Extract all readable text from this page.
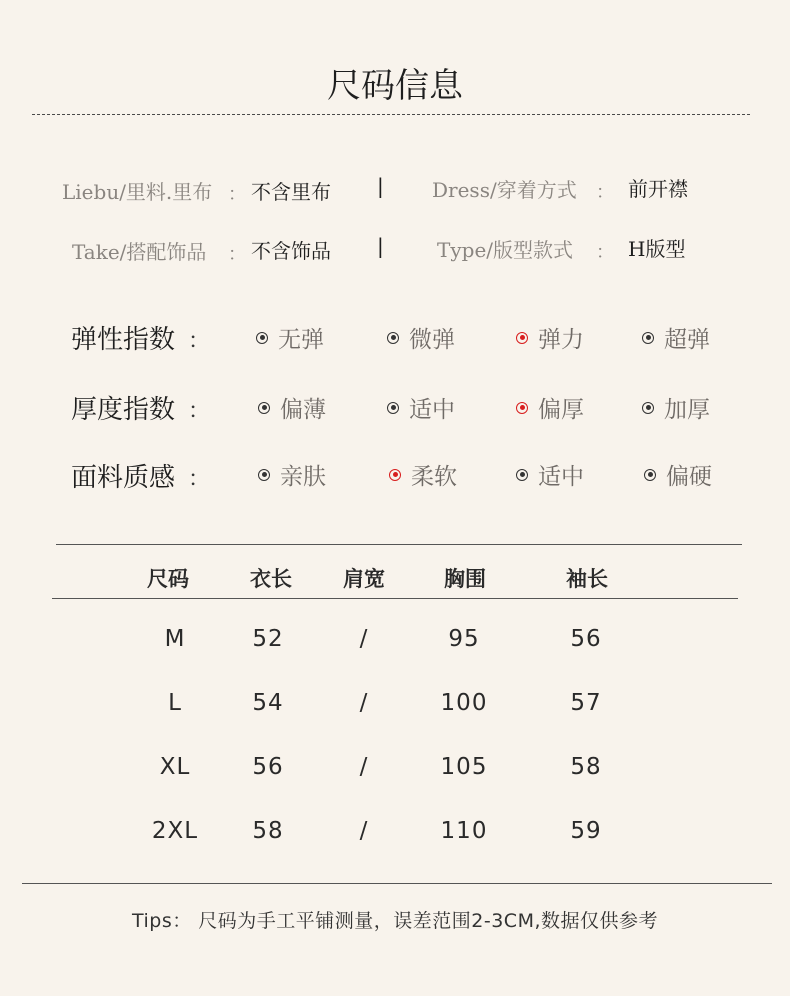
尺码信息
Liebu/里料.里布 ： 不含里布 | Dress/穿着方式 ： 前开襟
Take/搭配饰品 ： 不含饰品 |	Type/版型款式 ： H版型
弹性指数 ：	无弹	微弹	弹力	超弹
厚度指数 ：	偏薄	适中	偏厚	加厚
面料质感 ：	亲肤	柔软	适中	偏硬
尺码	衣长	肩宽	胸围	袖长
M	52	/	95	56
L	54	/	100	57
XL	56	/	105	58
2XL	58	/	110	59
Tips： 尺码为手工平铺测量，误差范围2-3CM,数据仅供参考
